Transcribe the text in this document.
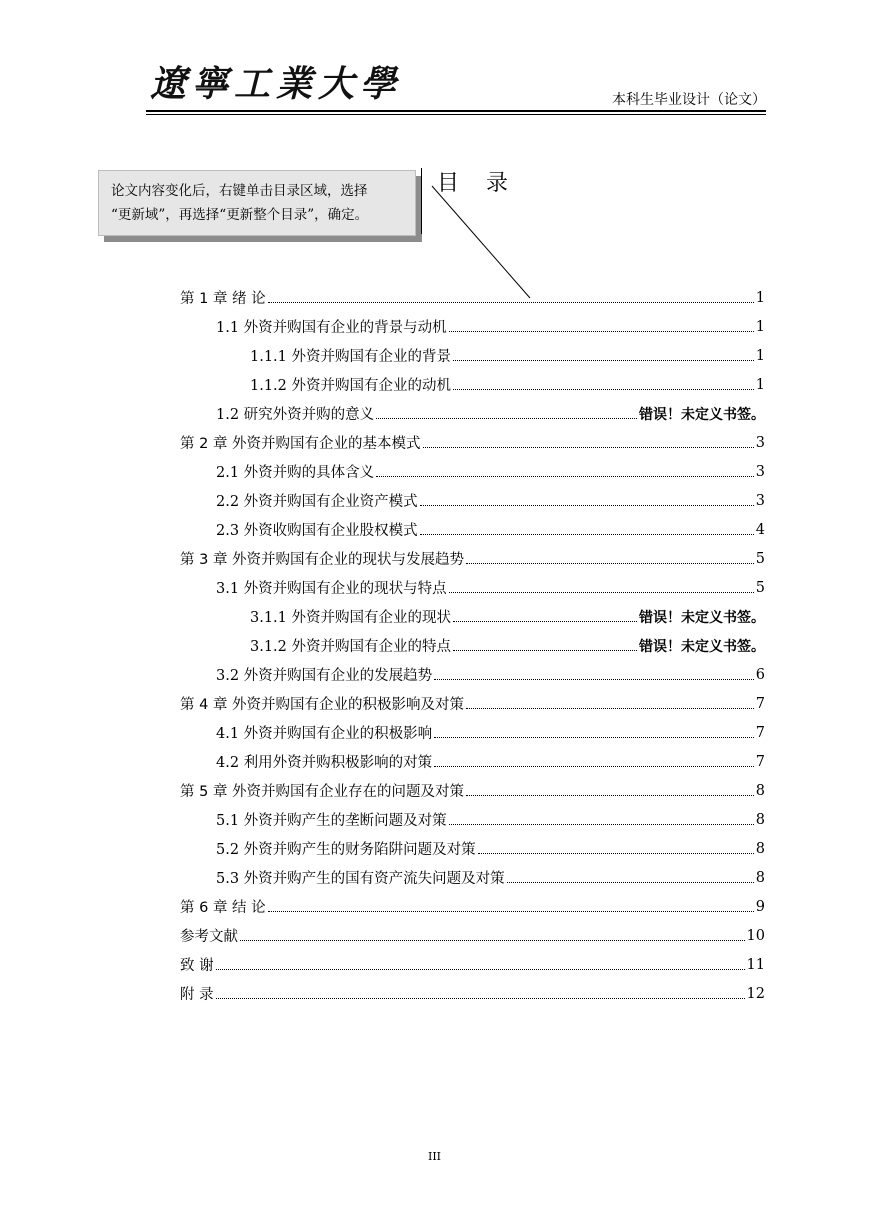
遼寧工業大學	本科生毕业设计（论文）
论文内容变化后，右键单击目录区域，选择
“更新域”，再选择“更新整个目录”，确定。
目 录
第 1 章 绪 论	1
1.1 外资并购国有企业的背景与动机	1
1.1.1 外资并购国有企业的背景	1
1.1.2 外资并购国有企业的动机	1
1.2 研究外资并购的意义	错误！未定义书签。
第 2 章 外资并购国有企业的基本模式	3
2.1 外资并购的具体含义	3
2.2 外资并购国有企业资产模式	3
2.3 外资收购国有企业股权模式	4
第 3 章 外资并购国有企业的现状与发展趋势	5
3.1 外资并购国有企业的现状与特点	5
3.1.1 外资并购国有企业的现状	错误！未定义书签。
3.1.2 外资并购国有企业的特点	错误！未定义书签。
3.2 外资并购国有企业的发展趋势	6
第 4 章 外资并购国有企业的积极影响及对策	7
4.1 外资并购国有企业的积极影响	7
4.2 利用外资并购积极影响的对策	7
第 5 章 外资并购国有企业存在的问题及对策	8
5.1 外资并购产生的垄断问题及对策	8
5.2 外资并购产生的财务陷阱问题及对策	8
5.3 外资并购产生的国有资产流失问题及对策	8
第 6 章 结 论	9
参考文献	10
致 谢	11
附 录	12
III
